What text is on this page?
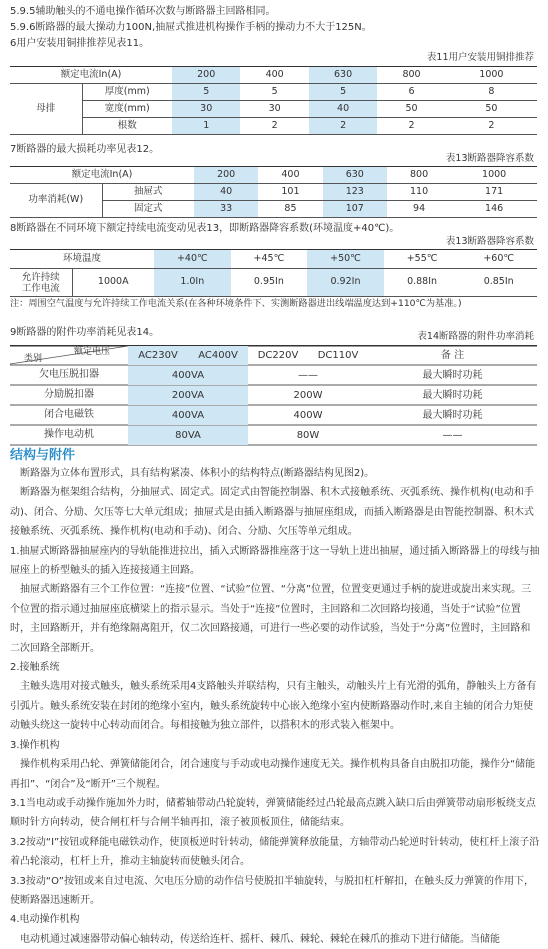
5.9.5辅助触头的不通电操作循环次数与断路器主回路相同。
5.9.6断路器的最大操动力100N,抽屉式推进机构操作手柄的操动力不大于125N。
6用户安装用铜排推荐见表11。
表11用户安装用铜排推荐
额定电流In(A)		200	400	630	800	1000
母排	厚度(mm)	5	5	5	6	8
	宽度(mm)	30	30	40	50	50
	根数	1	2	2	2	2
7断路器的最大损耗功率见表12。
表13断路器降容系数
额定电流In(A)		200	400	630	800	1000
功率消耗(W)	抽屉式	40	101	123	110	171
	固定式	33	85	107	94	146
8断路器在不同环境下额定持续电流变动见表13，即断路器降容系数(环境温度+40℃)。
表13断路器降容系数
环境温度		+40℃	+45℃	+50℃	+55℃	+60℃

允许持续
工作电流	1000A	1.0In	0.95In	0.92In	0.88In	0.85In
注：周围空气温度与允许持续工作电流关系(在各种环境条件下、实测断路器进出线端温度达到+110℃为基准。)
9断路器的附件功率消耗见表14。	表14断路器的附件功率消耗
额定电压
类别	AC230V	AC400V	DC220V	DC110V	备 注
欠电压脱扣器	400VA	——	最大瞬时功耗
分励脱扣器	200VA	200W	最大瞬时功耗
闭合电磁铁	400VA	400W	最大瞬时功耗
操作电动机	80VA	80W	——
结构与附件
　断路器为立体布置形式，具有结构紧凑、体积小的结构特点(断路器结构见图2)。
　断路器为框架组合结构，分抽屉式、固定式。固定式由智能控制器、积木式接触系统、灭弧系统、操作机构(电动和手动)、闭合、分励、欠压等七大单元组成；抽屉式是由插入断路器与抽屉座组成，而插入断路器是由智能控制器、积木式接触系统、灭弧系统、操作机构(电动和手动)、闭合、分励、欠压等单元组成。
1.抽屉式断路器抽屉座内的导轨能推进拉出，插入式断路器推座落于这一导轨上进出抽屉，通过插入断路器上的母线与抽屉座上的桥型触头的插入连接接通主回路。
　抽屉式断路器有三个工作位置：“连接”位置、“试验”位置、“分离”位置，位置变更通过手柄的旋进或旋出来实现。三个位置的指示通过抽屉座底横梁上的指示显示。当处于“连接”位置时，主回路和二次回路均接通，当处于“试验”位置时，主回路断开，并有绝缘隔离阻开，仅二次回路接通，可进行一些必要的动作试验，当处于“分离”位置时，主回路和二次回路全部断开。
2.接触系统
　主触头选用对接式触头，触头系统采用4支路触头并联结构，只有主触头，动触头片上有光滑的弧角，静触头上方备有引弧片。触头系统安装在封闭的绝缘小室内，触头系统旋转中心嵌入绝缘小室内使断路器动作时,来自主轴的闭合力矩使动触头绕这一旋转中心转动而闭合。每相接触为独立部件，以搭积木的形式装入框架中。
3.操作机构
　操作机构采用凸轮、弹簧储能闭合，闭合速度与手动或电动操作速度无关。操作机构具备自由脱扣功能，操作分“储能再扣”、“闭合”及“断开”三个规程。
3.1当电动或手动操作施加外力时，储蓄轴带动凸轮旋转，弹簧储能经过凸轮最高点跳入缺口后由弹簧带动扇形板绕支点顺时针方向转动，使合闸杠杆与合闸半轴再扣，滚子被顶板顶住，储能结束。
3.2按动“I”按钮或释能电磁铁动作，使顶板逆时针转动，储能弹簧释放能量，方轴带动凸轮逆时针转动，使杠杆上滚子沿着凸轮滚动，杠杆上升，推动主轴旋转而使触头闭合。
3.3按动“O”按钮或来自过电流、欠电压分励的动作信号使脱扣半轴旋转，与脱扣杠杆解扣，在触头反力弹簧的作用下，使断路器迅速断开。
4.电动操作机构
　电动机通过减速器带动偏心轴转动，传送给连杆、摇杆、棘爪、棘轮、棘轮在棘爪的推动下进行储能。当储能
